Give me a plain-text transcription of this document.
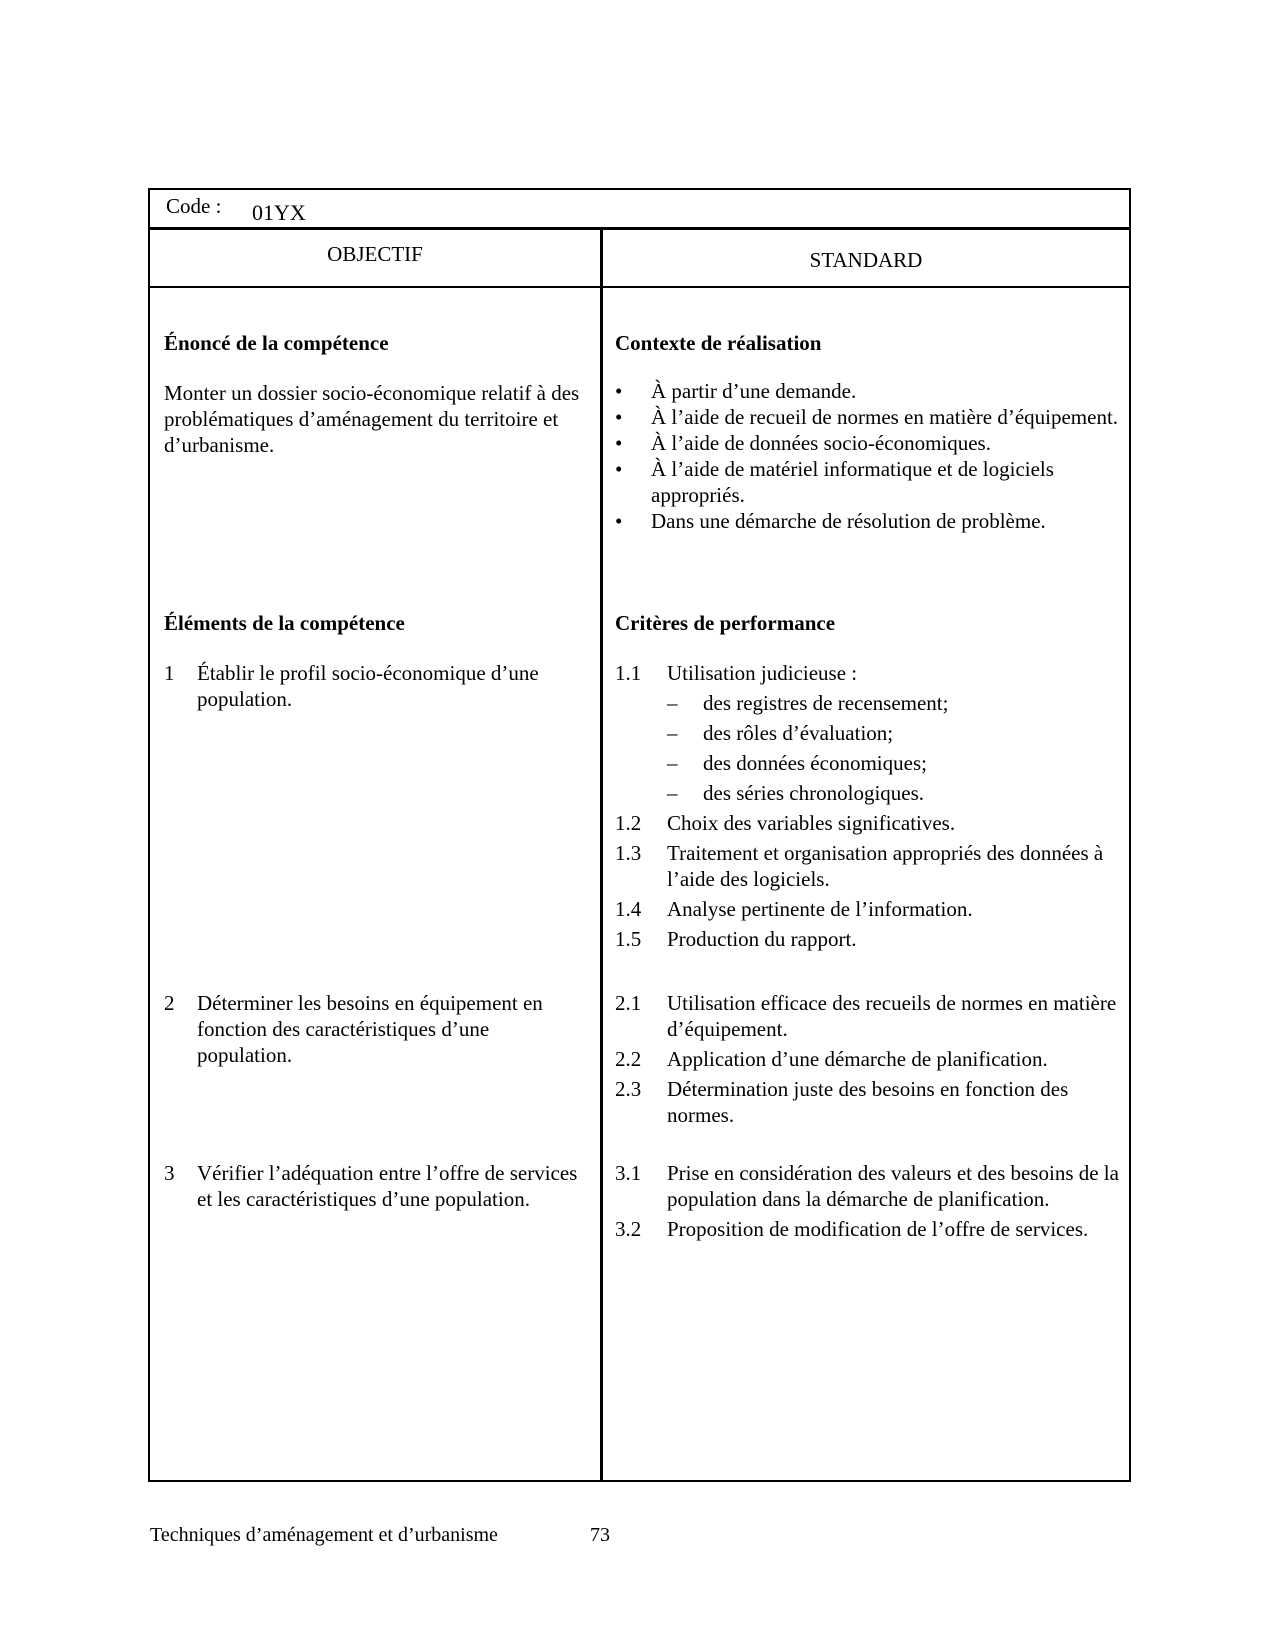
Code : 01YX
OBJECTIF	STANDARD
Énoncé de la compétence
Monter un dossier socio-économique relatif à des problématiques d’aménagement du territoire et d’urbanisme.
Éléments de la compétence
1 Établir le profil socio-économique d’une population.
2 Déterminer les besoins en équipement en fonction des caractéristiques d’une population.
3 Vérifier l’adéquation entre l’offre de services et les caractéristiques d’une population.
Contexte de réalisation
• À partir d’une demande.
• À l’aide de recueil de normes en matière d’équipement.
• À l’aide de données socio-économiques.
• À l’aide de matériel informatique et de logiciels appropriés.
• Dans une démarche de résolution de problème.
Critères de performance
1.1 Utilisation judicieuse :
– des registres de recensement;
– des rôles d’évaluation;
– des données économiques;
– des séries chronologiques.
1.2 Choix des variables significatives.
1.3 Traitement et organisation appropriés des données à l’aide des logiciels.
1.4 Analyse pertinente de l’information.
1.5 Production du rapport.
2.1 Utilisation efficace des recueils de normes en matière d’équipement.
2.2 Application d’une démarche de planification.
2.3 Détermination juste des besoins en fonction des normes.
3.1 Prise en considération des valeurs et des besoins de la population dans la démarche de planification.
3.2 Proposition de modification de l’offre de services.
Techniques d’aménagement et d’urbanisme	73
